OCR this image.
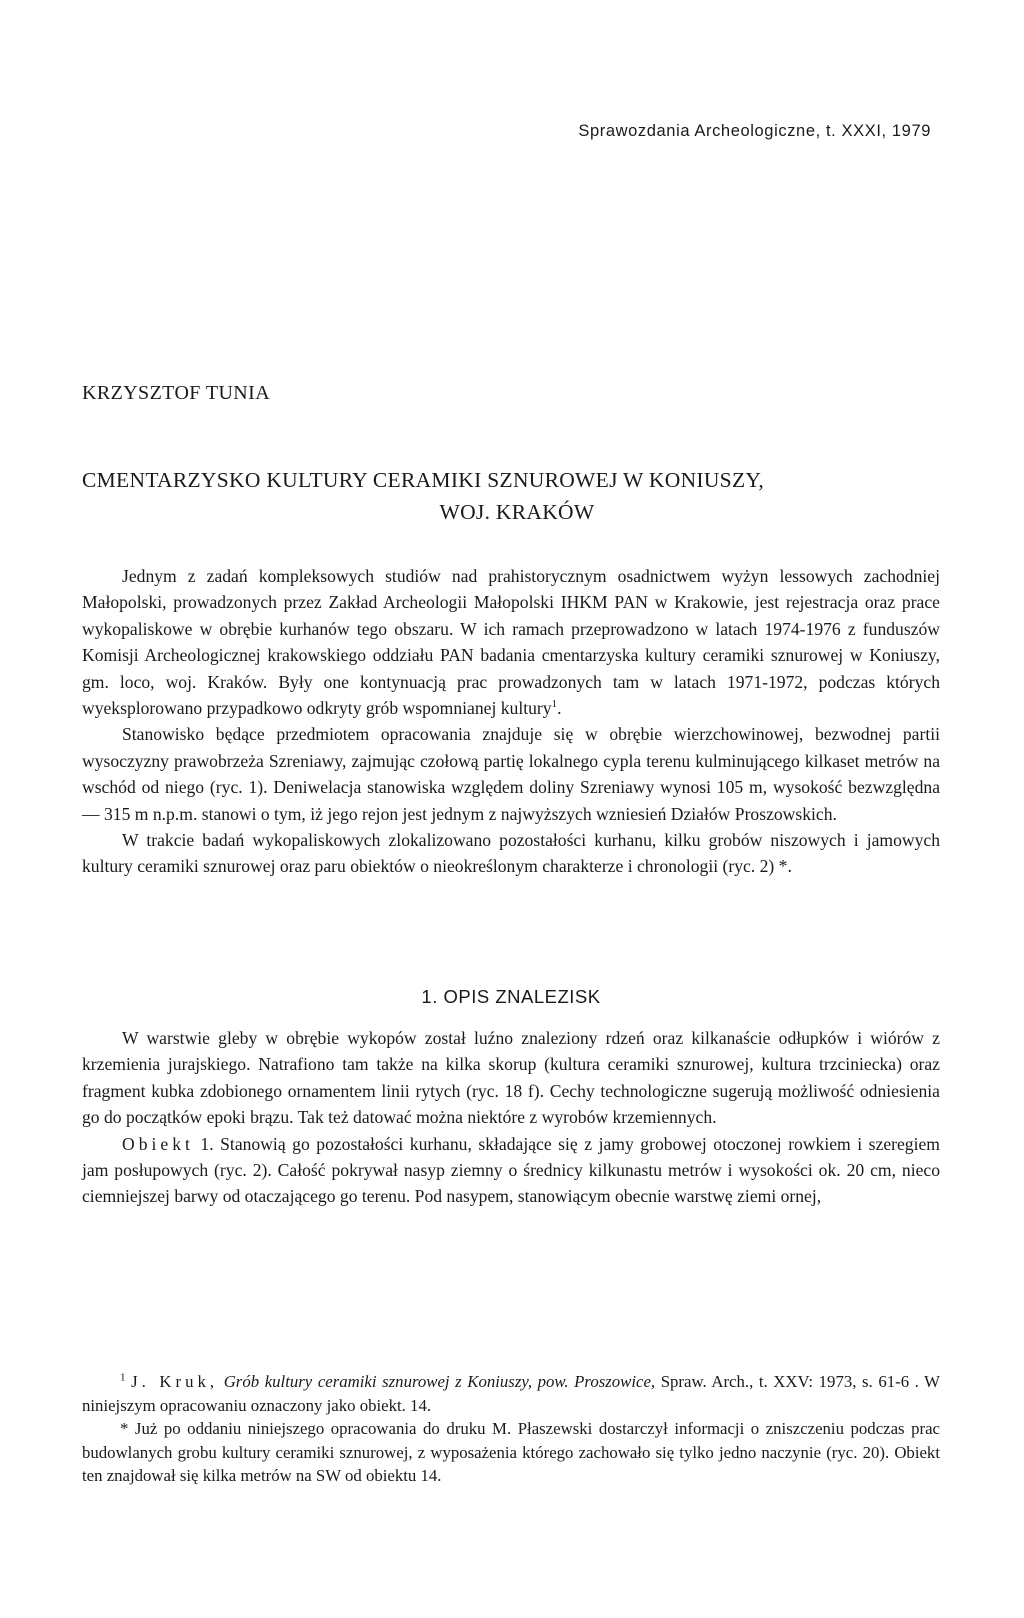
Sprawozdania Archeologiczne, t. XXXI, 1979
KRZYSZTOF TUNIA
CMENTARZYSKO KULTURY CERAMIKI SZNUROWEJ W KONIUSZY,
WOJ. KRAKÓW

Jednym z zadań kompleksowych studiów nad prahistorycznym osadnictwem wyżyn lessowych zachodniej Małopolski, prowadzonych przez Zakład Archeologii Małopolski IHKM PAN w Krakowie, jest rejestracja oraz prace wykopaliskowe w obrębie kurhanów tego obszaru. W ich ramach przeprowadzono w latach 1974-1976 z funduszów Komisji Archeologicznej krakowskiego oddziału PAN badania cmentarzyska kultury ceramiki sznurowej w Koniuszy, gm. loco, woj. Kraków. Były one kontynuacją prac prowadzonych tam w latach 1971-1972, podczas których wyeksplorowano przypadkowo odkryty grób wspomnianej kultury$^1$.

Stanowisko będące przedmiotem opracowania znajduje się w obrębie wierzchowinowej, bezwodnej partii wysoczyzny prawobrzeża Szreniawy, zajmując czołową partię lokalnego cypla terenu kulminującego kilkaset metrów na wschód od niego (ryc. 1). Deniwelacja stanowiska względem doliny Szreniawy wynosi 105 m, wysokość bezwzględna — 315 m n.p.m. stanowi o tym, iż jego rejon jest jednym z najwyższych wzniesień Działów Proszowskich.

W trakcie badań wykopaliskowych zlokalizowano pozostałości kurhanu, kilku grobów niszowych i jamowych kultury ceramiki sznurowej oraz paru obiektów o nieokreślonym charakterze i chronologii (ryc. 2) *.

1. OPIS ZNALEZISK

W warstwie gleby w obrębie wykopów został luźno znaleziony rdzeń oraz kilkanaście odłupków i wiórów z krzemienia jurajskiego. Natrafiono tam także na kilka skorup (kultura ceramiki sznurowej, kultura trzciniecka) oraz fragment kubka zdobionego ornamentem linii rytych (ryc. 18 f). Cechy technologiczne sugerują możliwość odniesienia go do początków epoki brązu. Tak też datować można niektóre z wyrobów krzemiennych.

Obiekt 1. Stanowią go pozostałości kurhanu, składające się z jamy grobowej otoczonej rowkiem i szeregiem jam posłupowych (ryc. 2). Całość pokrywał nasyp ziemny o średnicy kilkunastu metrów i wysokości ok. 20 cm, nieco ciemniejszej barwy od otaczającego go terenu. Pod nasypem, stanowiącym obecnie warstwę ziemi ornej,

$^1$ J. Kruk, Grób kultury ceramiki sznurowej z Koniuszy, pow. Proszowice, Spraw. Arch., t. XXV: 1973, s. 61-6 . W niniejszym opracowaniu oznaczony jako obiekt. 14.

* Już po oddaniu niniejszego opracowania do druku M. Płaszewski dostarczył informacji o zniszczeniu podczas prac budowlanych grobu kultury ceramiki sznurowej, z wyposażenia którego zachowało się tylko jedno naczynie (ryc. 20). Obiekt ten znajdował się kilka metrów na SW od obiektu 14.
